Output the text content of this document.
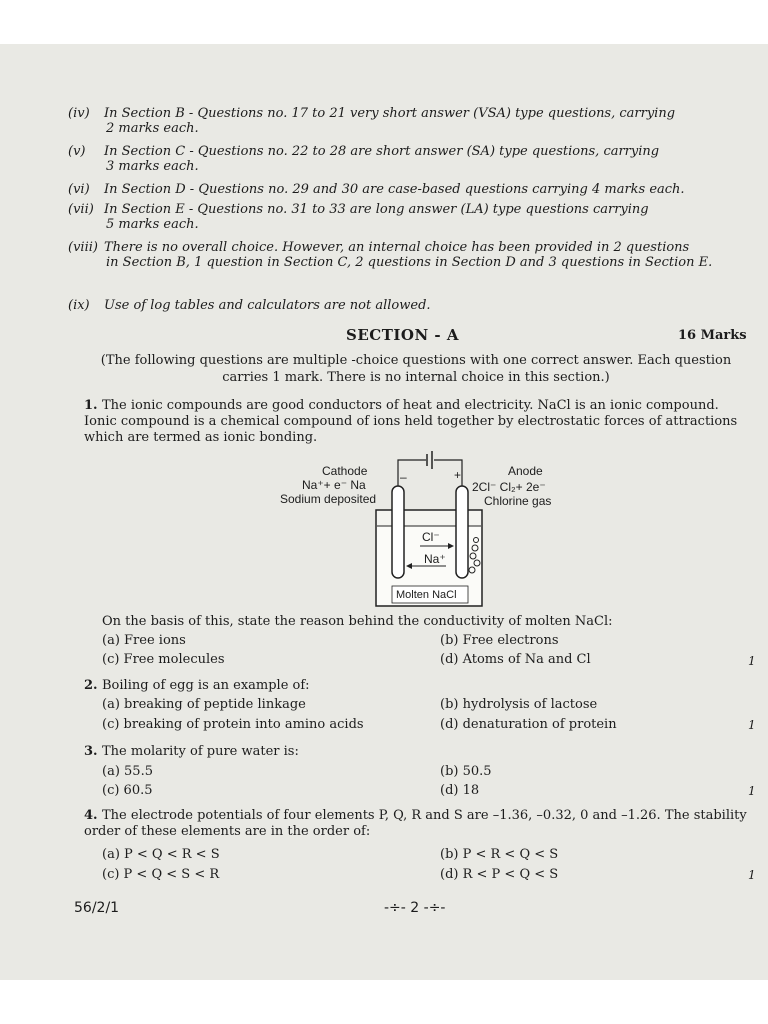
(iv) In Section B - Questions no. 17 to 21 very short answer (VSA) type questions, carrying
2 marks each.
(v) In Section C - Questions no. 22 to 28 are short answer (SA) type questions, carrying
3 marks each.
(vi) In Section D - Questions no. 29 and 30 are case-based questions carrying 4 marks each.
(vii) In Section E - Questions no. 31 to 33 are long answer (LA) type questions carrying
5 marks each.
(viii) There is no overall choice. However, an internal choice has been provided in 2 questions
in Section B, 1 question in Section C, 2 questions in Section D and 3 questions in Section E.
(ix) Use of log tables and calculators are not allowed.
SECTION - A	16 Marks
(The following questions are multiple -choice questions with one correct answer. Each question carries 1 mark. There is no internal choice in this section.)
1. The ionic compounds are good conductors of heat and electricity. NaCl is an ionic compound. Ionic compound is a chemical compound of ions held together by electrostatic forces of attractions which are termed as ionic bonding.
Cathode
Na⁺+ e⁻ Na
Sodium deposited
Anode
2Cl⁻ Cl₂+ 2e⁻
Chlorine gas
–	+
Cl⁻
Na⁺
Molten NaCl
On the basis of this, state the reason behind the conductivity of molten NaCl:
(a) Free ions	(b) Free electrons
(c) Free molecules	(d) Atoms of Na and Cl	1
2. Boiling of egg is an example of:
(a) breaking of peptide linkage	(b) hydrolysis of lactose
(c) breaking of protein into amino acids	(d) denaturation of protein	1
3. The molarity of pure water is:
(a) 55.5	(b) 50.5
(c) 60.5	(d) 18	1
4. The electrode potentials of four elements P, Q, R and S are –1.36, –0.32, 0 and –1.26. The stability order of these elements are in the order of:
(a) P < Q < R < S	(b) P < R < Q < S
(c) P < Q < S < R	(d) R < P < Q < S	1
56/2/1	-÷- 2 -÷-
